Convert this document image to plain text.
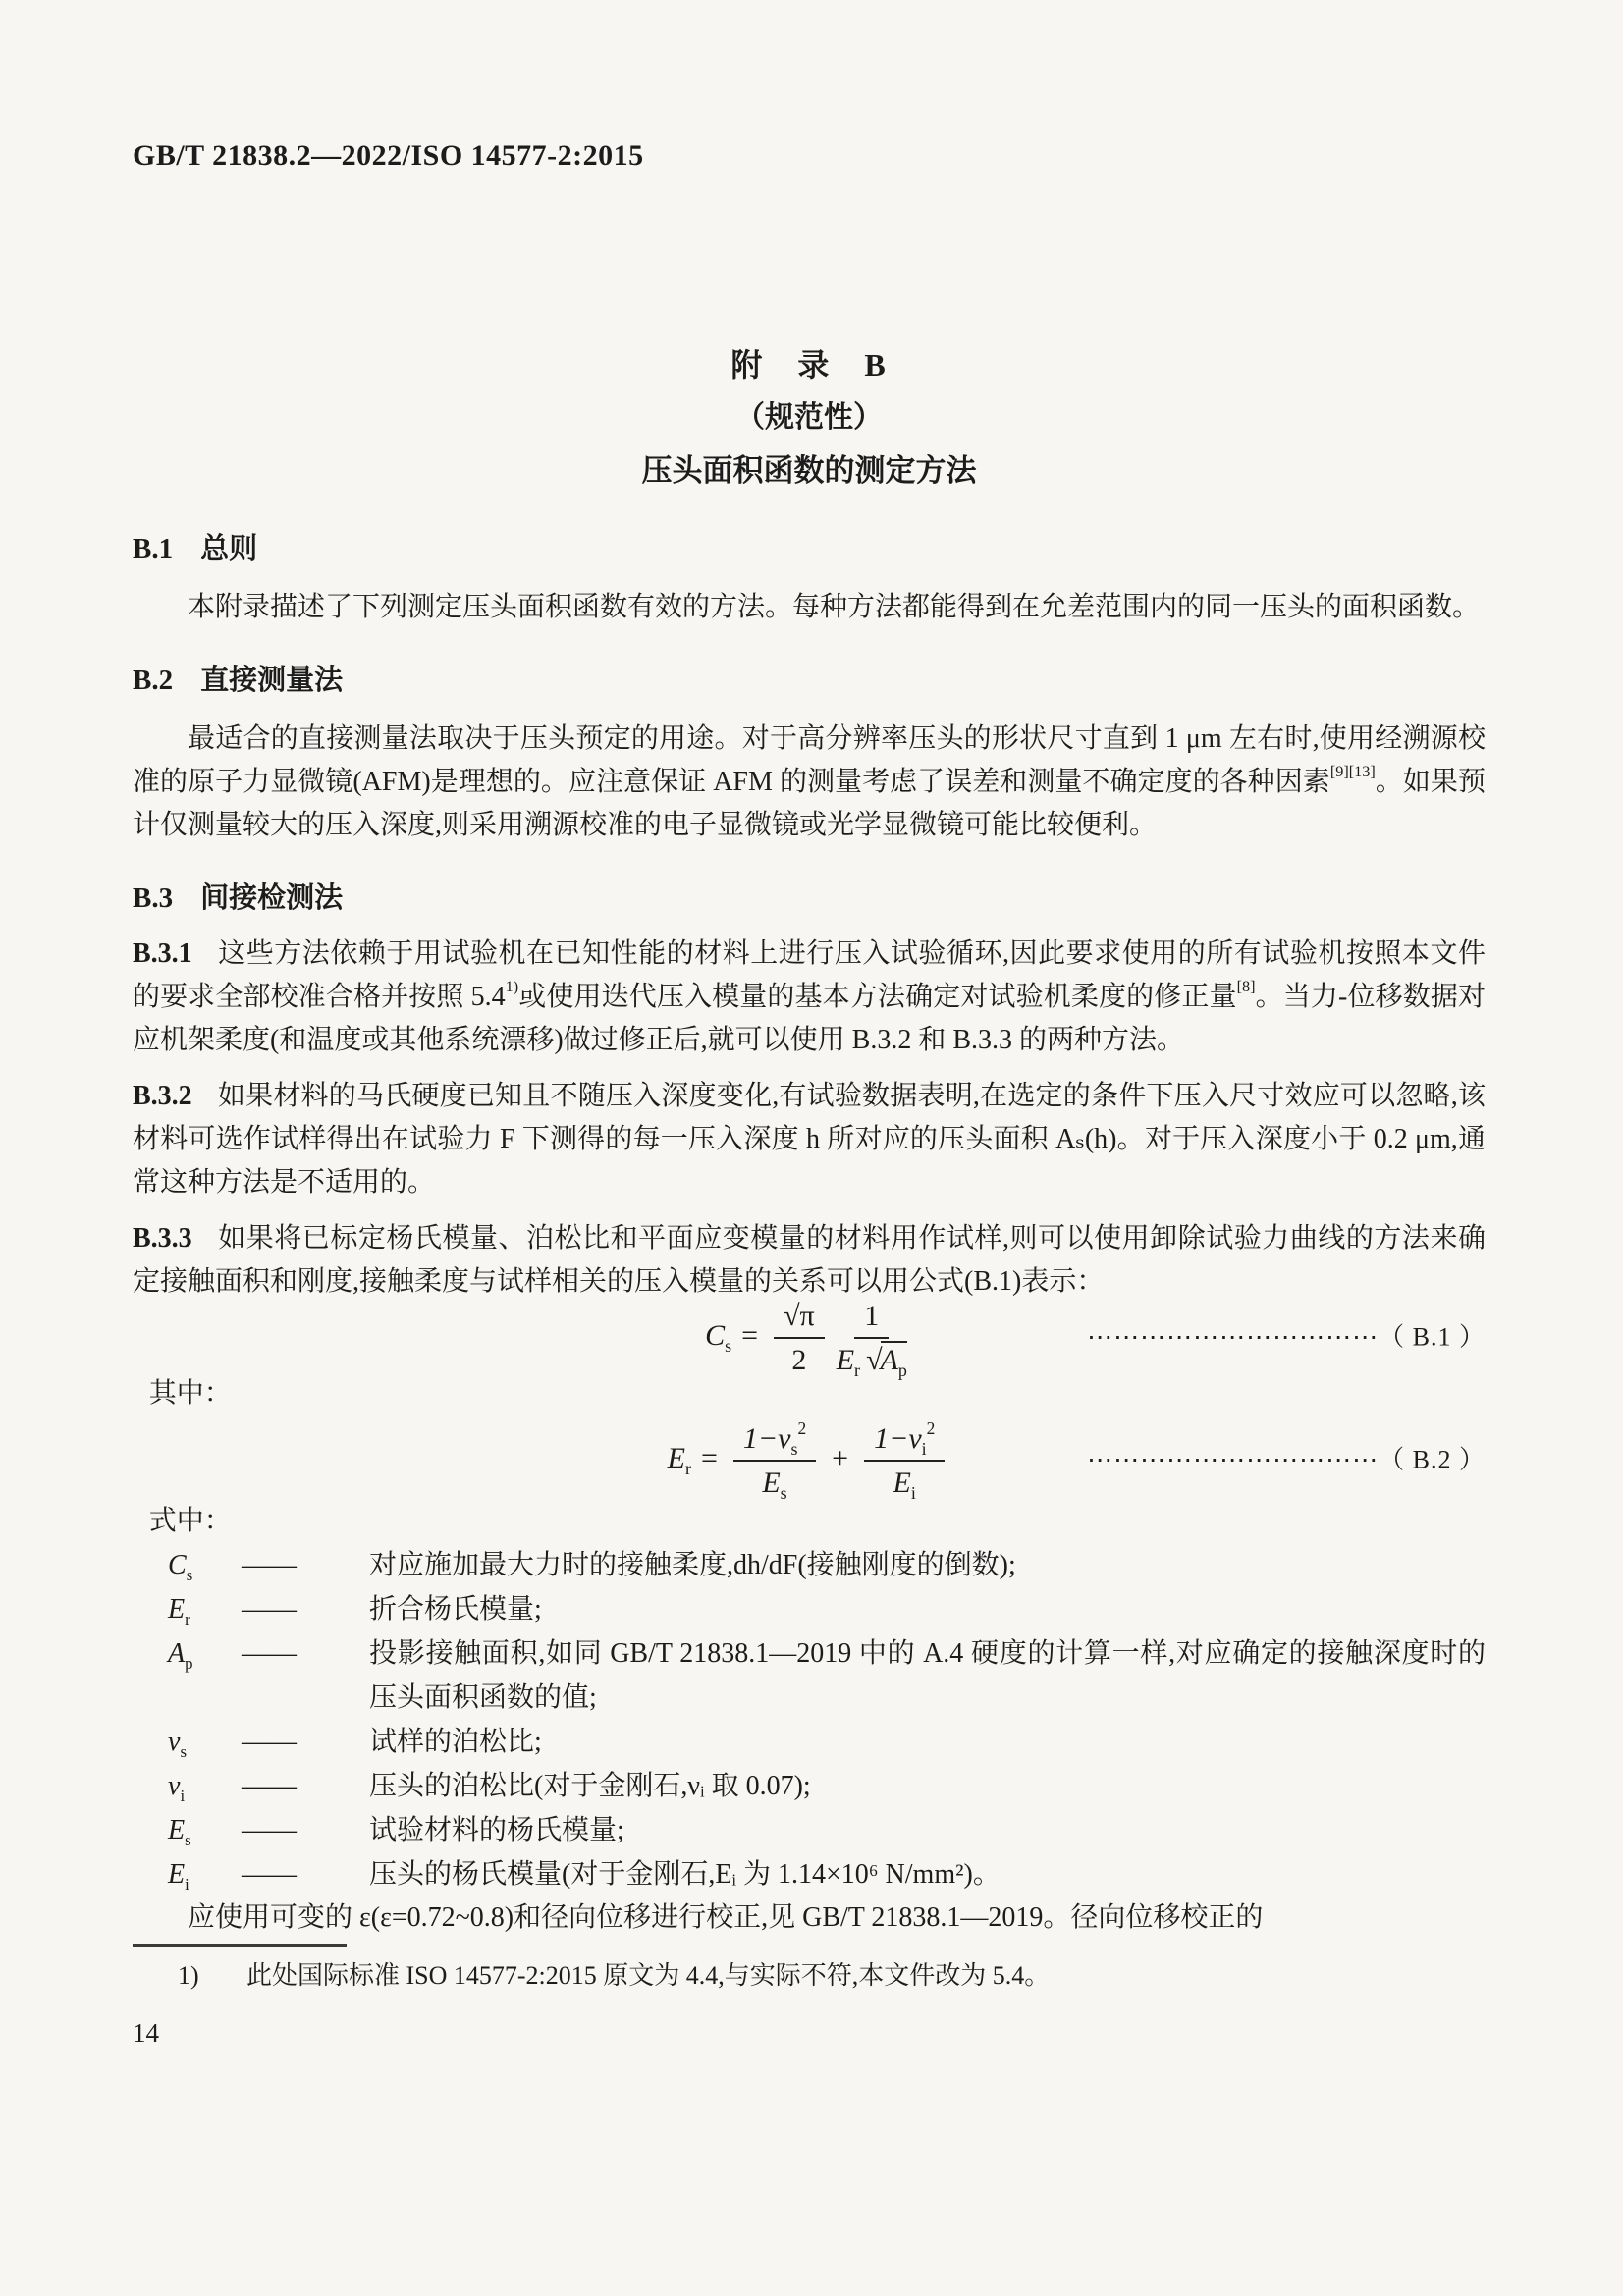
GB/T 21838.2—2022/ISO 14577-2:2015
附　录　B
（规范性）
压头面积函数的测定方法
B.1 总则

本附录描述了下列测定压头面积函数有效的方法。每种方法都能得到在允差范围内的同一压头的面积函数。

B.2 直接测量法

最适合的直接测量法取决于压头预定的用途。对于高分辨率压头的形状尺寸直到 1 μm 左右时,使用经溯源校准的原子力显微镜(AFM)是理想的。应注意保证 AFM 的测量考虑了误差和测量不确定度的各种因素[9][13]。如果预计仅测量较大的压入深度,则采用溯源校准的电子显微镜或光学显微镜可能比较便利。

B.3 间接检测法

B.3.1 这些方法依赖于用试验机在已知性能的材料上进行压入试验循环,因此要求使用的所有试验机按照本文件的要求全部校准合格并按照 5.4$^{1)}$或使用迭代压入模量的基本方法确定对试验机柔度的修正量[8]。当力-位移数据对应机架柔度(和温度或其他系统漂移)做过修正后,就可以使用 B.3.2 和 B.3.3 的两种方法。

B.3.2 如果材料的马氏硬度已知且不随压入深度变化,有试验数据表明,在选定的条件下压入尺寸效应可以忽略,该材料可选作试样得出在试验力 F 下测得的每一压入深度 h 所对应的压头面积 Aₛ(h)。对于压入深度小于 0.2 μm,通常这种方法是不适用的。

B.3.3 如果将已标定杨氏模量、泊松比和平面应变模量的材料用作试样,则可以使用卸除试验力曲线的方法来确定接触面积和刚度,接触柔度与试样相关的压入模量的关系可以用公式(B.1)表示：

$C_s = \frac{√\pi}{2} \frac{1}{E_r √A_p}$	⋯⋯⋯⋯⋯⋯⋯⋯⋯⋯⋯（ B.1 ）

其中：

$E_r = \frac{1-\nu_s^2}{E_s} + \frac{1-\nu_i^2}{E_i}$	⋯⋯⋯⋯⋯⋯⋯⋯⋯⋯⋯（ B.2 ）

式中：

$C_s$	——	对应施加最大力时的接触柔度,dh/dF(接触刚度的倒数);
$E_r$	——	折合杨氏模量;
$A_p$	——	投影接触面积,如同 GB/T 21838.1—2019 中的 A.4 硬度的计算一样,对应确定的接触深度时的压头面积函数的值;
$\nu_s$	——	试样的泊松比;
$\nu_i$	——	压头的泊松比(对于金刚石,νᵢ 取 0.07);
$E_s$	——	试验材料的杨氏模量;
$E_i$	——	压头的杨氏模量(对于金刚石,Eᵢ 为 1.14×10⁶ N/mm²)。

应使用可变的 ε(ε=0.72~0.8)和径向位移进行校正,见 GB/T 21838.1—2019。径向位移校正的

1)	此处国际标准 ISO 14577-2:2015 原文为 4.4,与实际不符,本文件改为 5.4。
14
